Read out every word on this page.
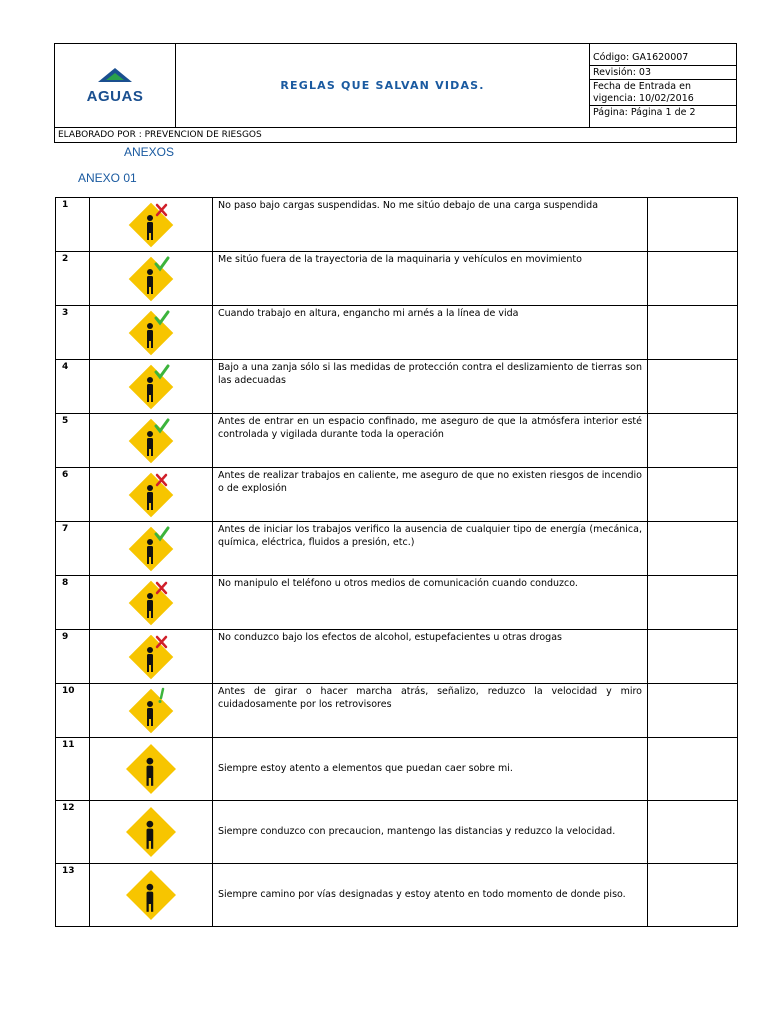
AGUAS
	REGLAS QUE SALVAN VIDAS.	
Código: GA1620007
Revisión: 03
Fecha de Entrada en vigencia: 10/02/2016
Página: Página 1 de 2

ELABORADO POR : PREVENCION DE RIESGOS
ANEXOS
ANEXO 01
1		No paso bajo cargas suspendidas. No me sitúo debajo de una carga suspendida	
2		Me sitúo fuera de la trayectoria de la maquinaria y vehículos en movimiento	
3		Cuando trabajo en altura, engancho mi arnés a la línea de vida	
4		Bajo a una zanja sólo si las medidas de protección contra el deslizamiento de tierras son las adecuadas	
5		Antes de entrar en un espacio confinado, me aseguro de que la atmósfera interior esté controlada y vigilada durante toda la operación	
6		Antes de realizar trabajos en caliente, me aseguro de que no existen riesgos de incendio o de explosión	
7		Antes de iniciar los trabajos verifico la ausencia de cualquier tipo de energía (mecánica, química, eléctrica, fluidos a presión, etc.)	
8		No manipulo el teléfono u otros medios de comunicación cuando conduzco.	
9		No conduzco bajo los efectos de alcohol, estupefacientes u otras drogas	
10		Antes de girar o hacer marcha atrás, señalizo, reduzco la velocidad y miro cuidadosamente por los retrovisores	
11		Siempre estoy atento a elementos que puedan caer sobre mi.	
12		Siempre conduzco con precaucion, mantengo las distancias y reduzco la velocidad.	
13		Siempre camino por vías designadas y estoy atento en todo momento de donde piso.	
